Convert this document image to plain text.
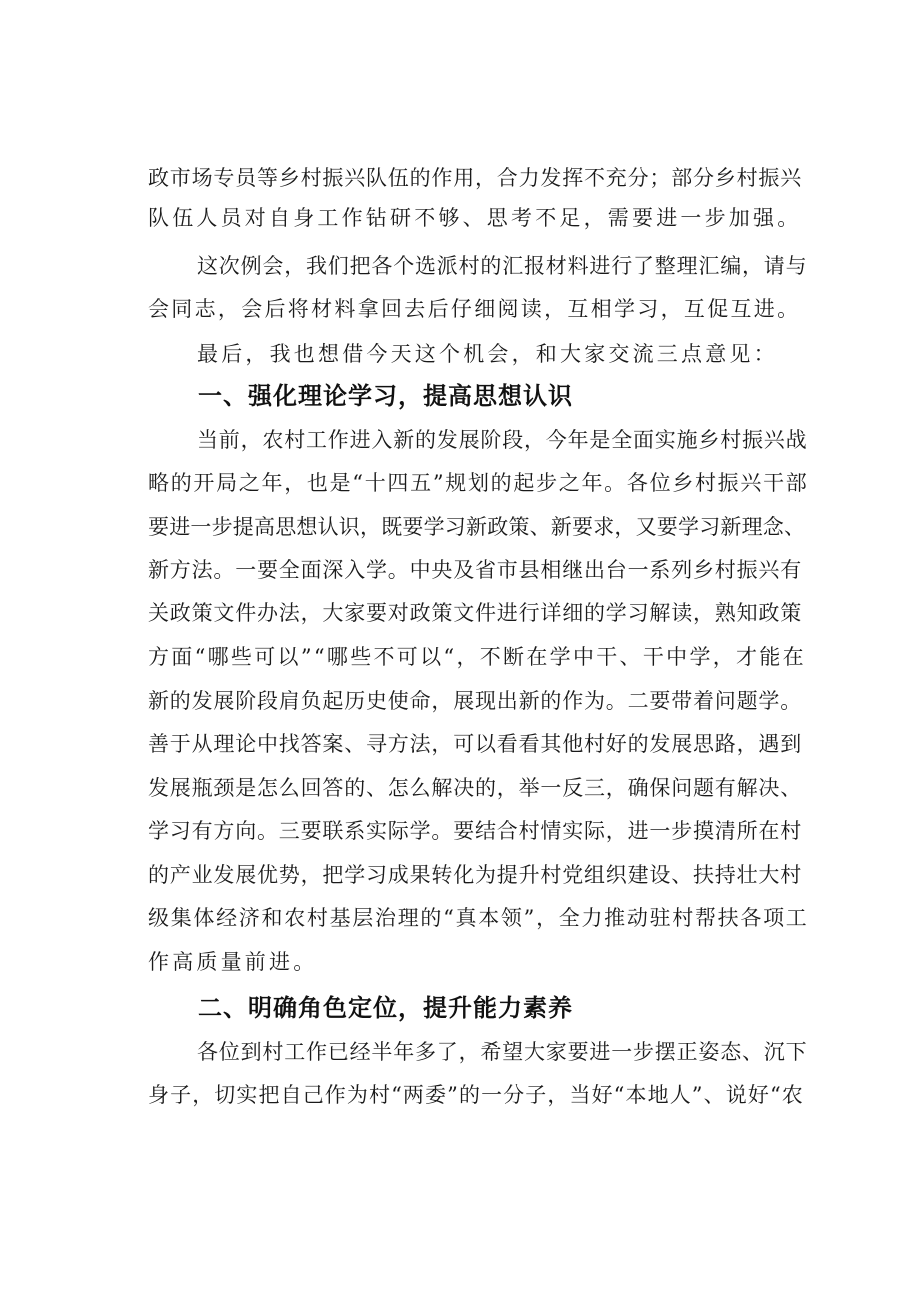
政市场专员等乡村振兴队伍的作用，合力发挥不充分；部分乡村振兴

队伍人员对自身工作钻研不够、思考不足，需要进一步加强。

这次例会，我们把各个选派村的汇报材料进行了整理汇编，请与

会同志，会后将材料拿回去后仔细阅读，互相学习，互促互进。

最后，我也想借今天这个机会，和大家交流三点意见：

一、强化理论学习，提高思想认识

当前，农村工作进入新的发展阶段，今年是全面实施乡村振兴战

略的开局之年，也是“十四五”规划的起步之年。各位乡村振兴干部

要进一步提高思想认识，既要学习新政策、新要求，又要学习新理念、

新方法。一要全面深入学。中央及省市县相继出台一系列乡村振兴有

关政策文件办法，大家要对政策文件进行详细的学习解读，熟知政策

方面“哪些可以”“哪些不可以“，不断在学中干、干中学，才能在

新的发展阶段肩负起历史使命，展现出新的作为。二要带着问题学。

善于从理论中找答案、寻方法，可以看看其他村好的发展思路，遇到

发展瓶颈是怎么回答的、怎么解决的，举一反三，确保问题有解决、

学习有方向。三要联系实际学。要结合村情实际，进一步摸清所在村

的产业发展优势，把学习成果转化为提升村党组织建设、扶持壮大村

级集体经济和农村基层治理的“真本领”，全力推动驻村帮扶各项工

作高质量前进。

二、明确角色定位，提升能力素养

各位到村工作已经半年多了，希望大家要进一步摆正姿态、沉下

身子，切实把自己作为村“两委”的一分子，当好“本地人”、说好“农
